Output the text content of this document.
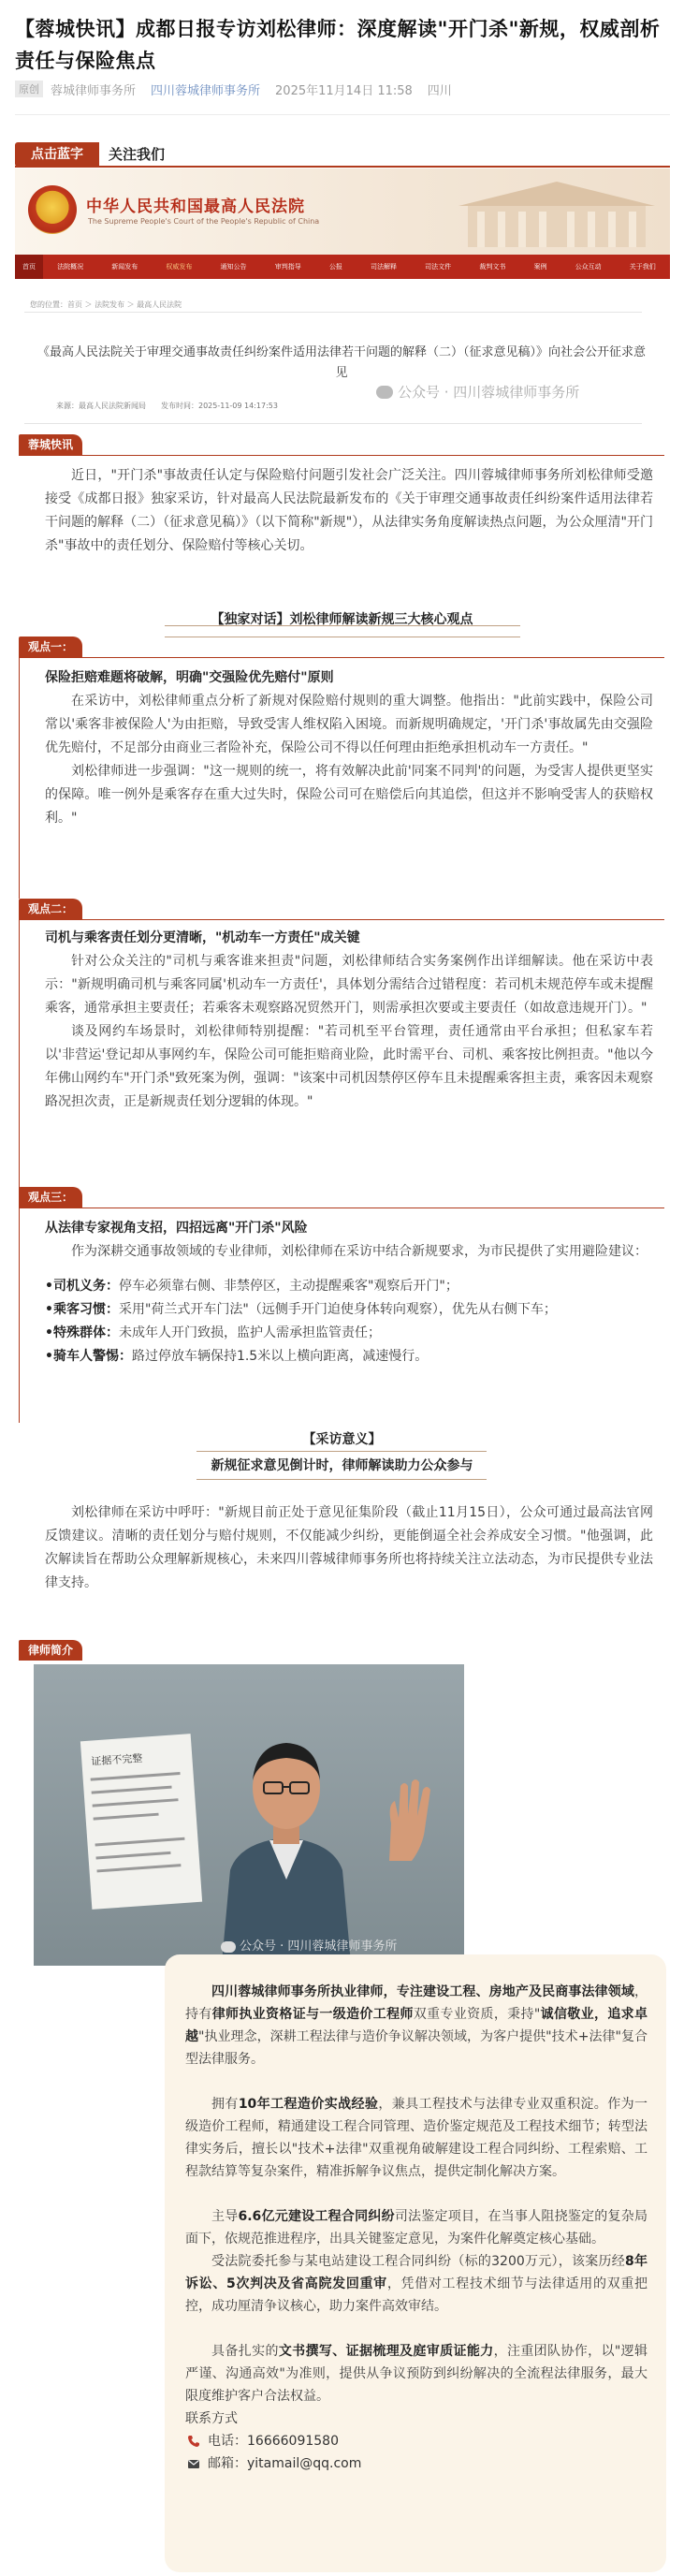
【蓉城快讯】成都日报专访刘松律师：深度解读"开门杀"新规，权威剖析责任与保险焦点
原创 蓉城律师事务所 四川蓉城律师事务所 2025年11月14日 11:58 四川
点击蓝字	关注我们
中华人民共和国最高人民法院
The Supreme People's Court of the People's Republic of China
首页	法院概况	新闻发布	权威发布	通知公告	审判指导	公报	司法解释	司法文件	裁判文书	案例	公众互动	关于我们
您的位置：首页 ＞ 法院发布 ＞ 最高人民法院
《最高人民法院关于审理交通事故责任纠纷案件适用法律若干问题的解释（二）（征求意见稿）》向社会公开征求意见
公众号 · 四川蓉城律师事务所
来源：最高人民法院新闻局　　发布时间：2025-11-09 14:17:53
蓉城快讯

近日，"开门杀"事故责任认定与保险赔付问题引发社会广泛关注。四川蓉城律师事务所刘松律师受邀接受《成都日报》独家采访，针对最高人民法院最新发布的《关于审理交通事故责任纠纷案件适用法律若干问题的解释（二）（征求意见稿）》（以下简称"新规"），从法律实务角度解读热点问题，为公众厘清"开门杀"事故中的责任划分、保险赔付等核心关切。

【独家对话】刘松律师解读新规三大核心观点
观点一：

保险拒赔难题将破解，明确"交强险优先赔付"原则

在采访中，刘松律师重点分析了新规对保险赔付规则的重大调整。他指出："此前实践中，保险公司常以'乘客非被保险人'为由拒赔，导致受害人维权陷入困境。而新规明确规定，'开门杀'事故属先由交强险优先赔付，不足部分由商业三者险补充，保险公司不得以任何理由拒绝承担机动车一方责任。"

刘松律师进一步强调："这一规则的统一，将有效解决此前'同案不同判'的问题，为受害人提供更坚实的保障。唯一例外是乘客存在重大过失时，保险公司可在赔偿后向其追偿，但这并不影响受害人的获赔权利。"

观点二：

司机与乘客责任划分更清晰，"机动车一方责任"成关键

针对公众关注的"司机与乘客谁来担责"问题，刘松律师结合实务案例作出详细解读。他在采访中表示："新规明确司机与乘客同属'机动车一方责任'，具体划分需结合过错程度：若司机未规范停车或未提醒乘客，通常承担主要责任；若乘客未观察路况贸然开门，则需承担次要或主要责任（如故意违规开门）。"

谈及网约车场景时，刘松律师特别提醒："若司机至平台管理，责任通常由平台承担；但私家车若以'非营运'登记却从事网约车，保险公司可能拒赔商业险，此时需平台、司机、乘客按比例担责。"他以今年佛山网约车"开门杀"致死案为例，强调："该案中司机因禁停区停车且未提醒乘客担主责，乘客因未观察路况担次责，正是新规责任划分逻辑的体现。"

观点三：

从法律专家视角支招，四招远离"开门杀"风险

作为深耕交通事故领域的专业律师，刘松律师在采访中结合新规要求，为市民提供了实用避险建议：

•司机义务：停车必须靠右侧、非禁停区，主动提醒乘客"观察后开门"；

•乘客习惯：采用"荷兰式开车门法"（远侧手开门迫使身体转向观察），优先从右侧下车；

•特殊群体：未成年人开门致损，监护人需承担监管责任；

•骑车人警惕：路过停放车辆保持1.5米以上横向距离，减速慢行。

【采访意义】
新规征求意见倒计时，律师解读助力公众参与

刘松律师在采访中呼吁："新规目前正处于意见征集阶段（截止11月15日），公众可通过最高法官网反馈建议。清晰的责任划分与赔付规则，不仅能减少纠纷，更能倒逼全社会养成安全习惯。"他强调，此次解读旨在帮助公众理解新规核心，未来四川蓉城律师事务所也将持续关注立法动态，为市民提供专业法律支持。

律师简介
证据不完整
公众号 · 四川蓉城律师事务所

四川蓉城律师事务所执业律师，专注建设工程、房地产及民商事法律领域，持有律师执业资格证与一级造价工程师双重专业资质，秉持"诚信敬业，追求卓越"执业理念，深耕工程法律与造价争议解决领域，为客户提供"技术+法律"复合型法律服务。

拥有10年工程造价实战经验，兼具工程技术与法律专业双重积淀。作为一级造价工程师，精通建设工程合同管理、造价鉴定规范及工程技术细节；转型法律实务后，擅长以"技术+法律"双重视角破解建设工程合同纠纷、工程索赔、工程款结算等复杂案件，精准拆解争议焦点，提供定制化解决方案。

主导6.6亿元建设工程合同纠纷司法鉴定项目，在当事人阻挠鉴定的复杂局面下，依规范推进程序，出具关键鉴定意见，为案件化解奠定核心基础。

受法院委托参与某电站建设工程合同纠纷（标的3200万元），该案历经8年诉讼、5次判决及省高院发回重审，凭借对工程技术细节与法律适用的双重把控，成功厘清争议核心，助力案件高效审结。

具备扎实的文书撰写、证据梳理及庭审质证能力，注重团队协作，以"逻辑严谨、沟通高效"为准则，提供从争议预防到纠纷解决的全流程法律服务，最大限度维护客户合法权益。

联系方式
电话：16666091580
邮箱：yitamail@qq.com
